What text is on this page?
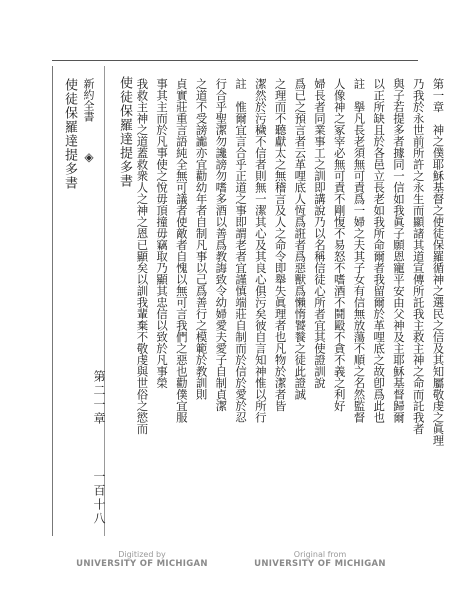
使徒保羅達提多書 新約全書
◈
第二一章
一百十八
使徒保羅達提多書	第一章　神之僕耶穌基督之使徒保羅循神之選民之信及其知屬敬虔之眞理
乃我於永世前所許之永生而顯諸其道宣傳所託我主救主神之命而託我者
與子若提多者據同一信如我眞子願恩寵平安由父神及主耶穌基督歸爾
以正所缺且於各邑立長老如我所命爾者我留爾於革哩底之故卽爲此也
註　擧凡長老須無可責爲一婦之夫其子女有信無放蕩不順之名然監督
人像神之冢宰必無可責不剛愎不易怒不嗜酒不鬪毆不貪不義之利好
婦長者同業事工之訓即講說乃以名稱信徒心所者宜其使證訓說
爲已之預言者云革哩底人恆爲誑者爲惡獸爲懶惰饕餮之徒此證誠
之理而不聽獻太之無稽言及人之命令即舉失眞理者也凡物於潔者皆
潔然於污穢不信者則無一潔其心及其良心俱污矣彼自言知神惟以所行
註　惟爾宜言合乎正道之事即謂老者宜謹慎端莊自制而於信於愛於忍
行合乎聖潔勿讒謗勿嗜多酒以善爲教誨致令幼婦愛夫愛子自制貞潔
之道不受謗讟亦宜勸幼年者自制凡事以己爲善行之模範於教訓則
貞實莊重言語純全無可議者使敵者自愧以無可言我們之惡也勸僕宜服
事其主而於凡事使之悅毋頂撞毋竊取乃顯其忠信以致於凡事榮
我救主神之道蓋救衆人之神之恩已顯矣以訓我輩棄不敬虔與世俗之慾而
Digitized by
UNIVERSITY OF MICHIGAN
Original from
UNIVERSITY OF MICHIGAN
